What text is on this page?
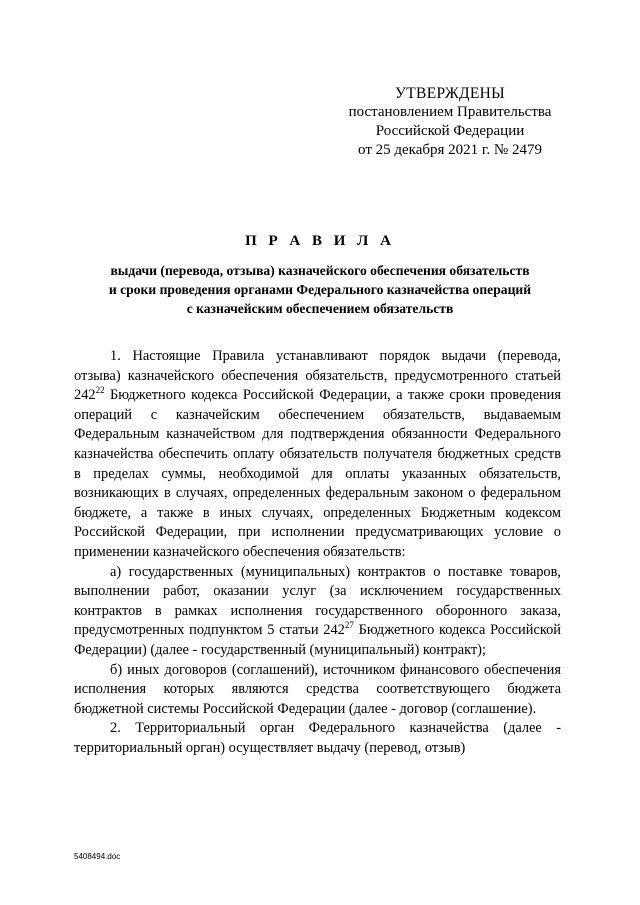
УТВЕРЖДЕНЫ
постановлением Правительства
Российской Федерации
от 25 декабря 2021 г. № 2479
П Р А В И Л А
выдачи (перевода, отзыва) казначейского обеспечения обязательств
и сроки проведения органами Федерального казначейства операций
с казначейским обеспечением обязательств

1. Настоящие Правила устанавливают порядок выдачи (перевода, отзыва) казначейского обеспечения обязательств, предусмотренного статьей $242^{22}$ Бюджетного кодекса Российской Федерации, а также сроки проведения операций с казначейским обеспечением обязательств, выдаваемым Федеральным казначейством для подтверждения обязанности Федерального казначейства обеспечить оплату обязательств получателя бюджетных средств в пределах суммы, необходимой для оплаты указанных обязательств, возникающих в случаях, определенных федеральным законом о федеральном бюджете, а также в иных случаях, определенных Бюджетным кодексом Российской Федерации, при исполнении предусматривающих условие о применении казначейского обеспечения обязательств:

а) государственных (муниципальных) контрактов о поставке товаров, выполнении работ, оказании услуг (за исключением государственных контрактов в рамках исполнения государственного оборонного заказа, предусмотренных подпунктом 5 статьи $242^{27}$ Бюджетного кодекса Российской Федерации) (далее - государственный (муниципальный) контракт);

б) иных договоров (соглашений), источником финансового обеспечения исполнения которых являются средства соответствующего бюджета бюджетной системы Российской Федерации (далее - договор (соглашение).

2. Территориальный орган Федерального казначейства (далее - территориальный орган) осуществляет выдачу (перевод, отзыв)

5408494.doc
